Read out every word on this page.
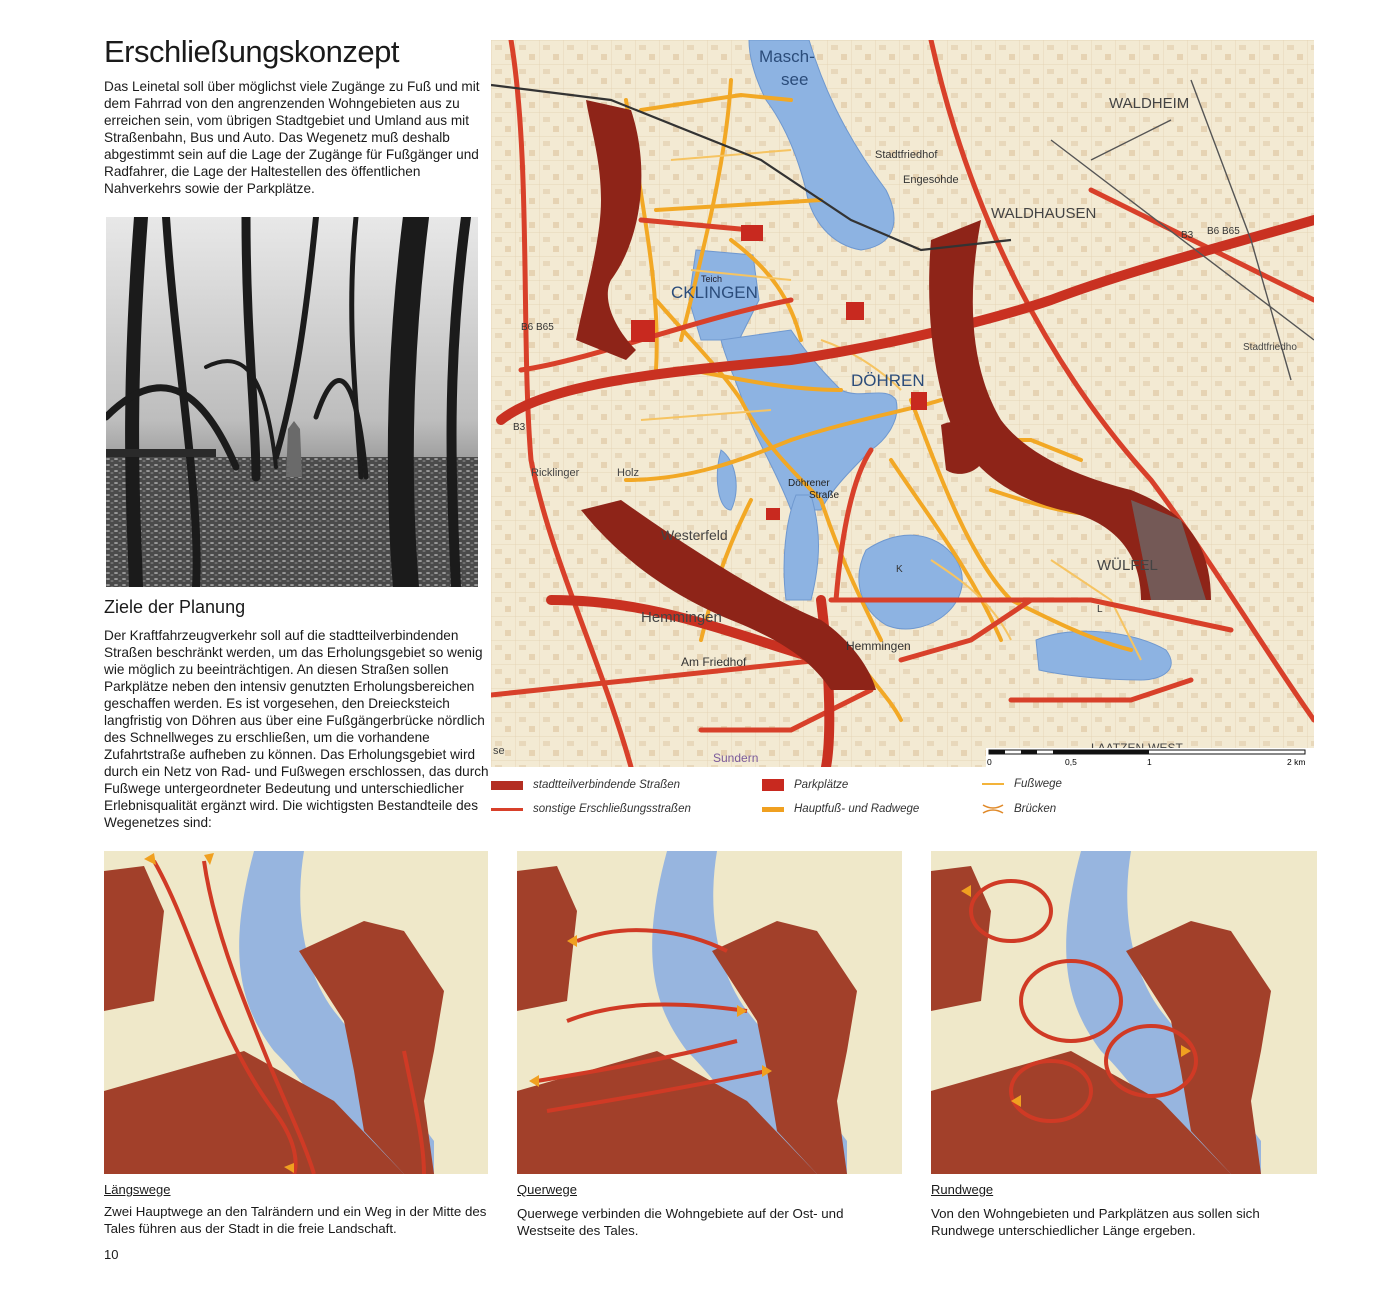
Erschließungskonzept
Das Leinetal soll über möglichst viele Zugänge zu Fuß und mit dem Fahrrad von den angrenzenden Wohngebieten aus zu erreichen sein, vom übrigen Stadtgebiet und Umland aus mit Straßenbahn, Bus und Auto. Das Wegenetz muß deshalb abgestimmt sein auf die Lage der Zugänge für Fußgänger und Radfahrer, die Lage der Haltestellen des öffentlichen Nahverkehrs sowie der Parkplätze.
Ziele der Planung
Der Kraftfahrzeugverkehr soll auf die stadtteilverbindenden Straßen beschränkt werden, um das Erholungsgebiet so wenig wie möglich zu beeinträchtigen. An diesen Straßen sollen Parkplätze neben den intensiv genutzten Erholungsbereichen geschaffen werden. Es ist vorgesehen, den Dreiecksteich langfristig von Döhren aus über eine Fußgängerbrücke nördlich des Schnellweges zu erschließen, um die vorhandene Zufahrtstraße aufheben zu können. Das Erholungsgebiet wird durch ein Netz von Rad- und Fußwegen erschlossen, das durch Fußwege untergeordneter Bedeutung und unterschiedlicher Erlebnisqualität ergänzt wird. Die wichtigsten Bestandteile des Wegenetzes sind:
Masch-
see
WALDHEIM
WALDHAUSEN
Stadtfriedhof
Engesohde
CKLINGEN
DÖHREN
Teich
Ricklinger	Holz
Westerfeld
Hemmingen
Hemmingen
Am Friedhof
Sundern
WÜLFEL
Döhrener
Straße
B3
B6 B65
B3 B6 B65
Stadtfriedho
K
L
se
0	0,5	1	2 km
stadtteilverbindende Straßen
sonstige Erschließungsstraßen
Parkplätze
Hauptfuß- und Radwege
Fußwege
Brücken
Längswege
Zwei Hauptwege an den Talrändern und ein Weg in der Mitte des Tales führen aus der Stadt in die freie Landschaft.
Querwege
Querwege verbinden die Wohngebiete auf der Ost- und Westseite des Tales.
Rundwege
Von den Wohngebieten und Parkplätzen aus sollen sich Rundwege unterschiedlicher Länge ergeben.
10
